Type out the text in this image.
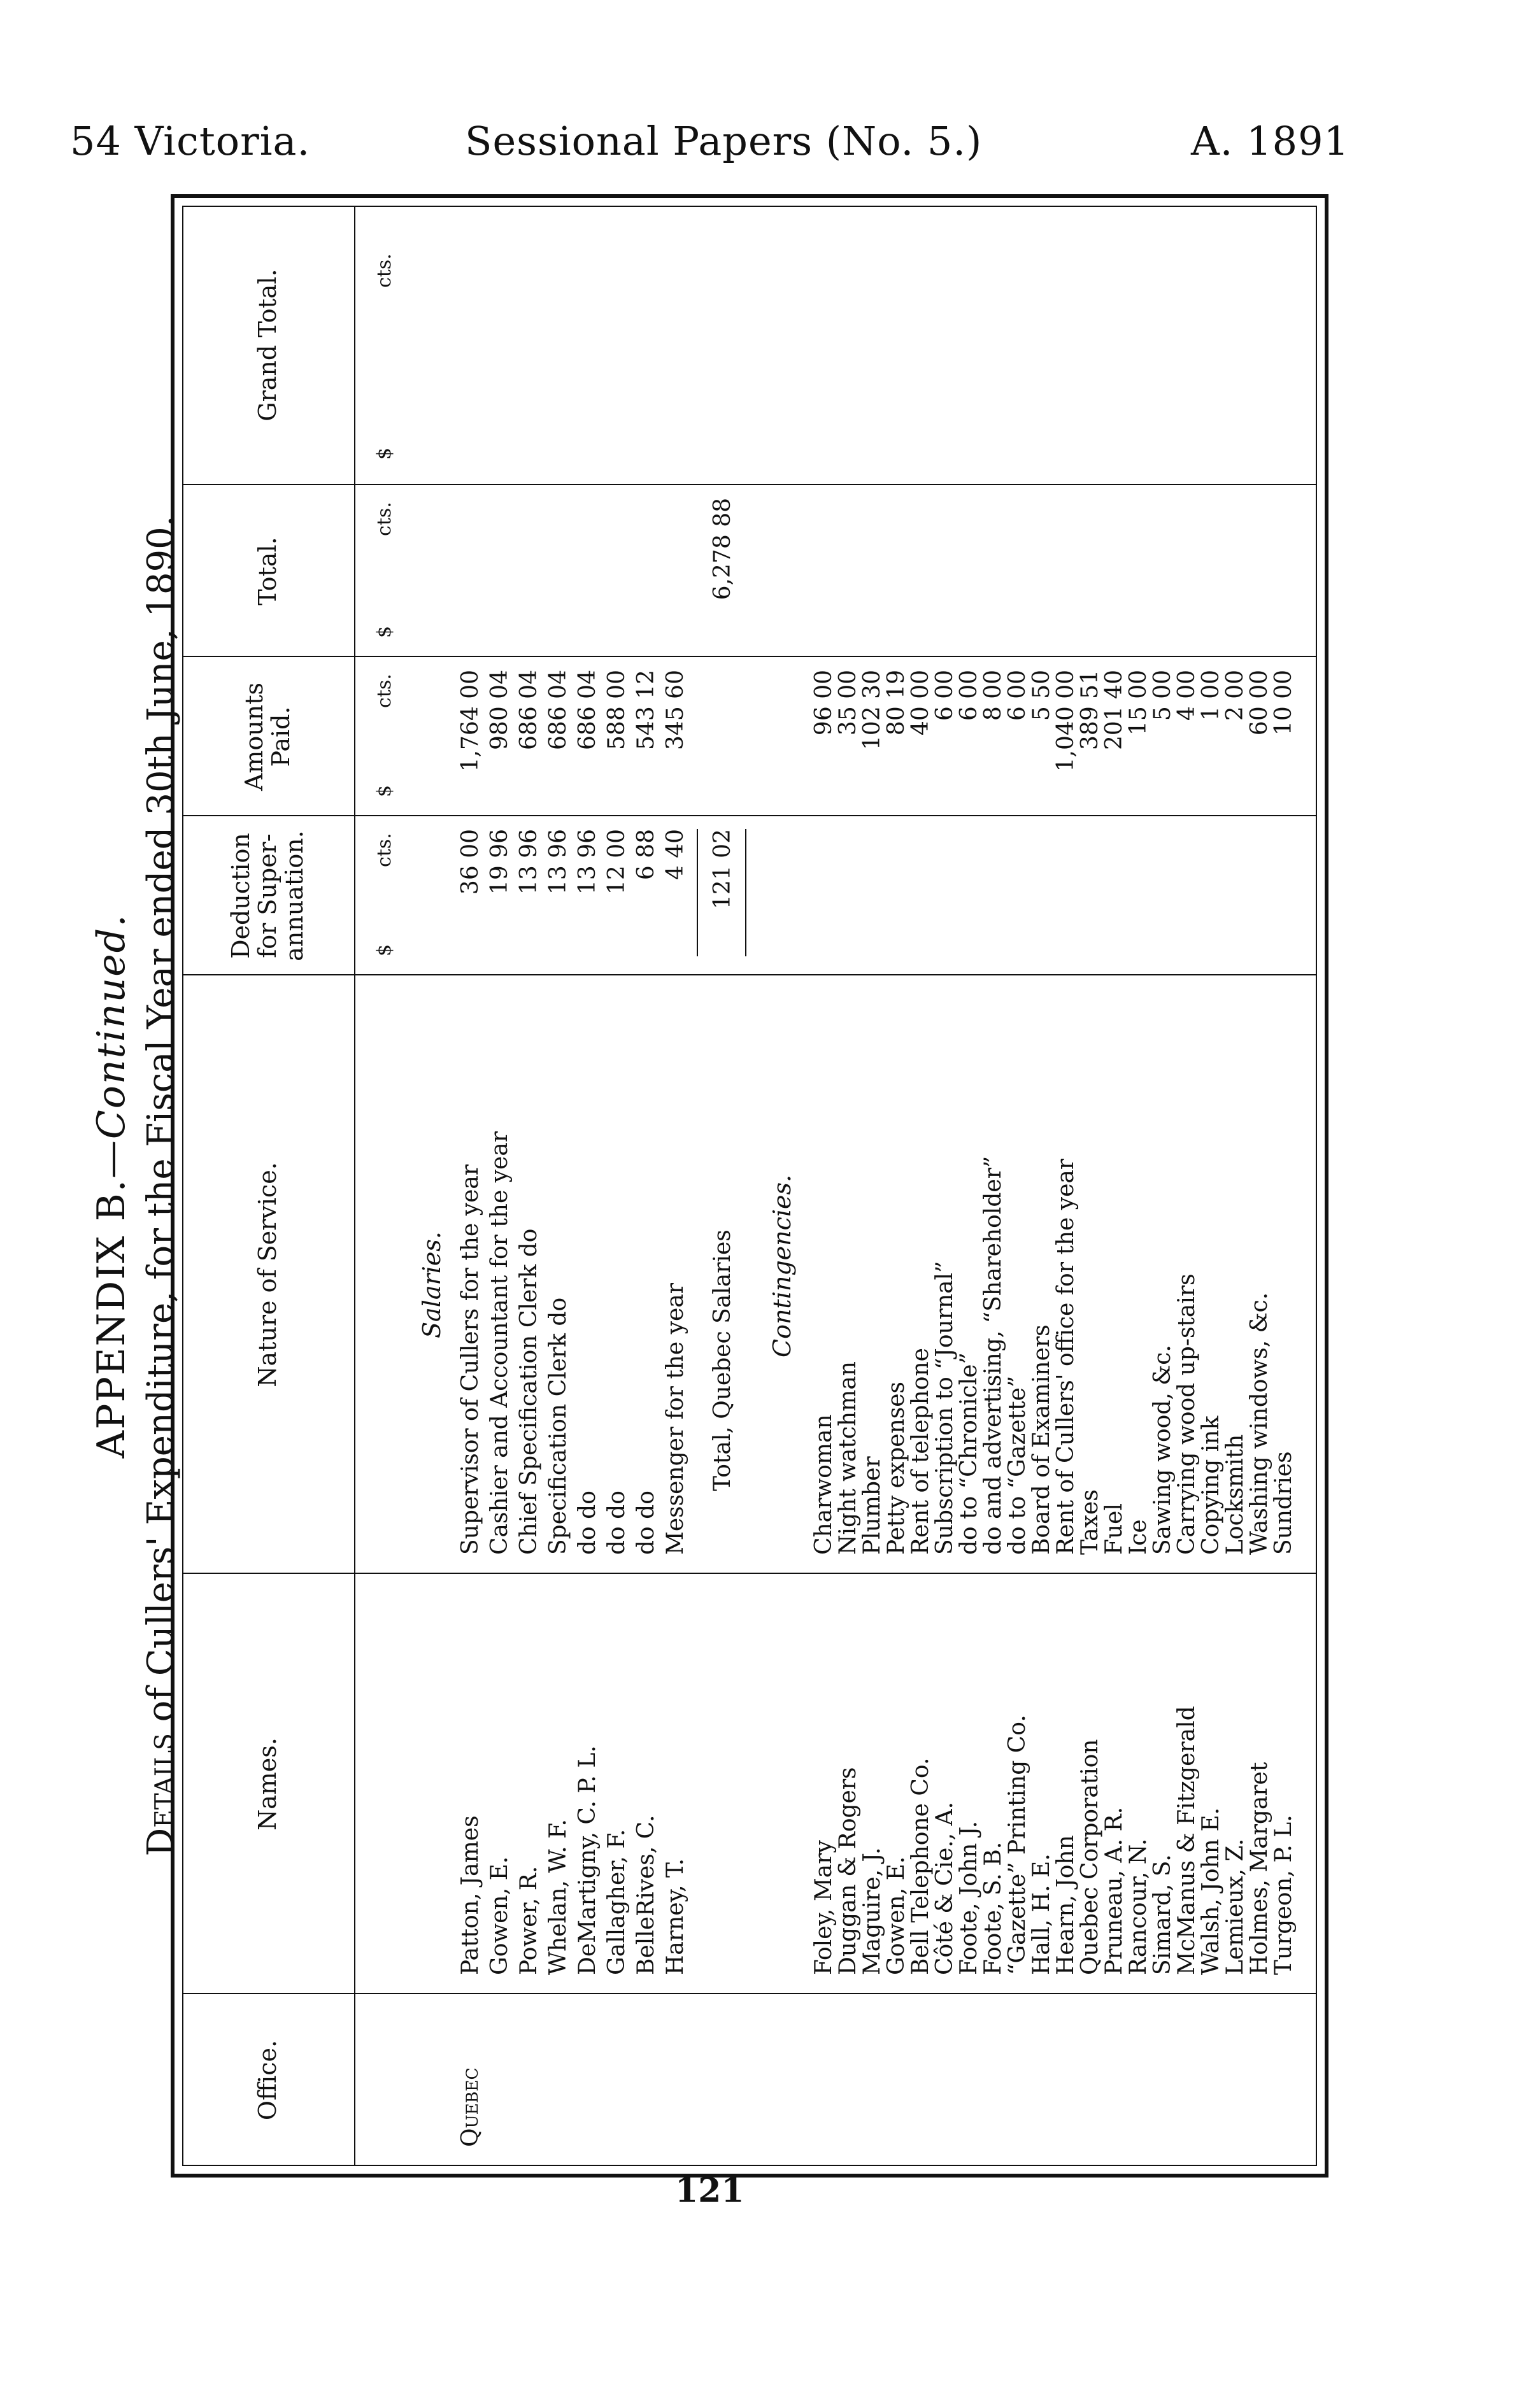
54 Victoria.	Sessional Papers (No. 5.)	A. 1891
APPENDIX B.—Continued.
Details of Cullers' Expenditure, for the Fiscal Year ended 30th June, 1890.
Office.
Names.
Nature of Service.
Deduction for Super- annuation.
Amounts Paid.
Total.
Grand Total.
$
cts.
$
cts.
$
cts.
$
cts.
Salaries.
Quebec
Patton, James
Supervisor of Cullers for the year
36 00
1,764 00
Gowen, E.
Cashier and Accountant for the year
19 96
980 04
Power, R.
Chief Specification Clerk do
13 96
686 04
Whelan, W. F.
Specification Clerk do
13 96
686 04
DeMartigny, C. P. L.
do do
13 96
686 04
Gallagher, F.
do do
12 00
588 00
BelleRives, C.
do do
6 88
543 12
Harney, T.
Messenger for the year
4 40
345 60
Total, Quebec Salaries
121 02
6,278 88
Contingencies.
Foley, Mary
Charwoman
96 00
Duggan & Rogers
Night watchman
35 00
Maguire, J.
Plumber
102 30
Gowen, E.
Petty expenses
80 19
Bell Telephone Co.
Rent of telephone
40 00
Côté & Cie., A.
Subscription to “Journal”
6 00
Foote, John J.
do to “Chronicle”
6 00
Foote, S. B.
do and advertising, “Shareholder”
8 00
“Gazette” Printing Co.
do to “Gazette”
6 00
Hall, H. E.
Board of Examiners
5 50
Hearn, John
Rent of Cullers' office for the year
1,040 00
Quebec Corporation
Taxes
389 51
Pruneau, A. R.
Fuel
201 40
Rancour, N.
Ice
15 00
Simard, S.
Sawing wood, &c.
5 00
McManus & Fitzgerald
Carrying wood up-stairs
4 00
Walsh, John E.
Copying ink
1 00
Lemieux, Z.
Locksmith
2 00
Holmes, Margaret
Washing windows, &c.
60 00
Turgeon, P. L.
Sundries
10 00
121
